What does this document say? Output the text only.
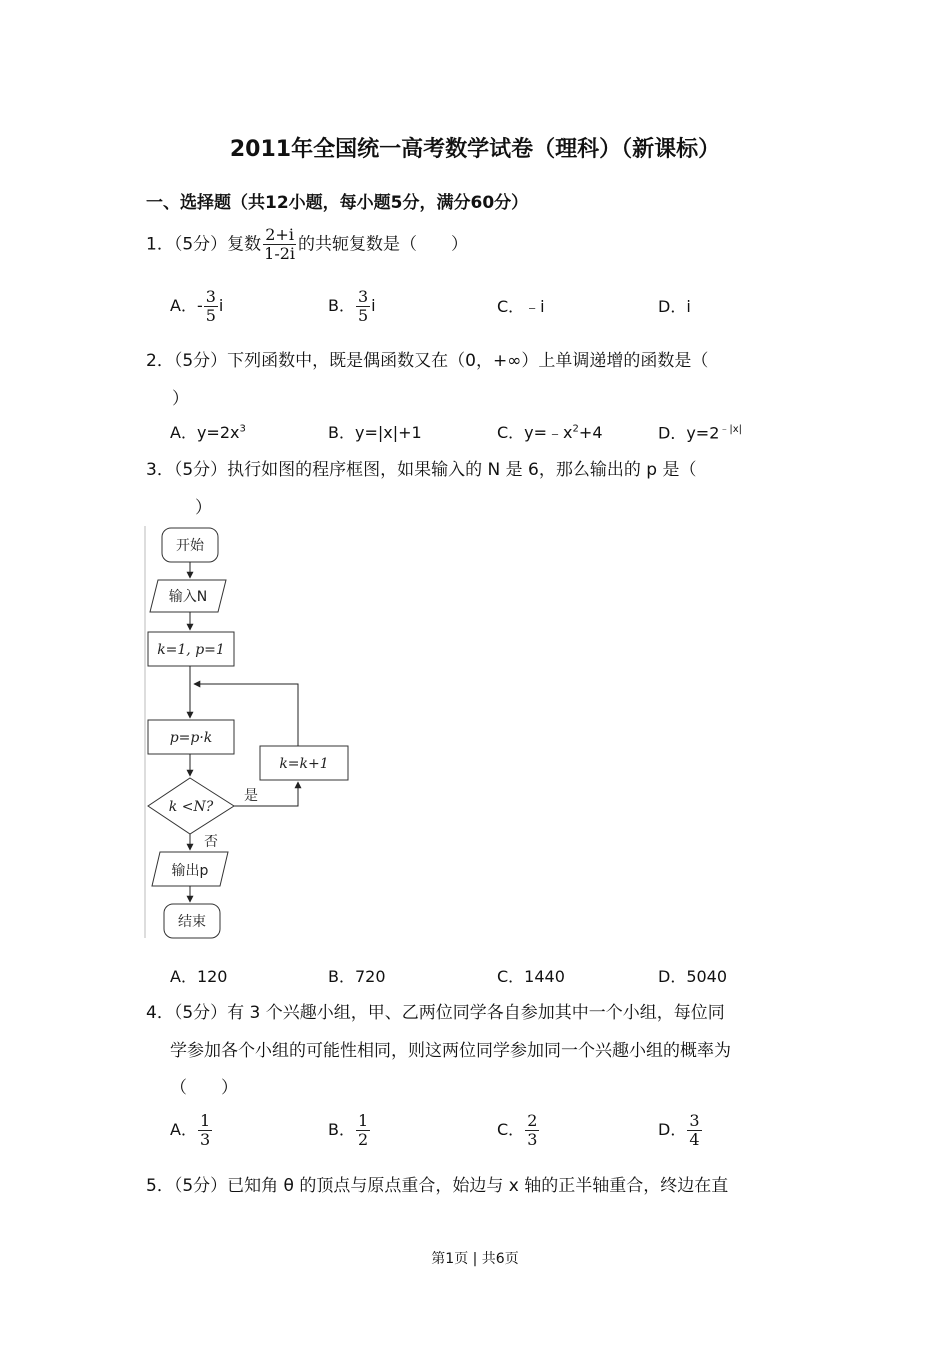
2011年全国统一高考数学试卷（理科）（新课标）
一、选择题（共12小题，每小题5分，满分60分）
1．（5分）复数 $\frac{2+i}{1-2i}$ 的共轭复数是（　　）
A．- $\frac{3}{5}$ i	B． $\frac{3}{5}$ i	C．﹣i	D．i
2．（5分）下列函数中，既是偶函数又在（0，+∞）上单调递增的函数是（
）
A．$y=2x^3$	B．y=|x|+1	C．$y=﹣x^2+4$	D．$y=2^{﹣|x|}$
3．（5分）执行如图的程序框图，如果输入的 N 是 6，那么输出的 p 是（
）
开始
输入N
k=1, p=1
p=p·k
k <N?
是
k=k+1
否
输出p
结束
A．120	B．720	C．1440	D．5040
4．（5分）有 3 个兴趣小组，甲、乙两位同学各自参加其中一个小组，每位同
学参加各个小组的可能性相同，则这两位同学参加同一个兴趣小组的概率为
（　　）
A． $\frac{1}{3}$	B． $\frac{1}{2}$	C． $\frac{2}{3}$	D． $\frac{3}{4}$
5．（5分）已知角 θ 的顶点与原点重合，始边与 x 轴的正半轴重合，终边在直
第1页 | 共6页
